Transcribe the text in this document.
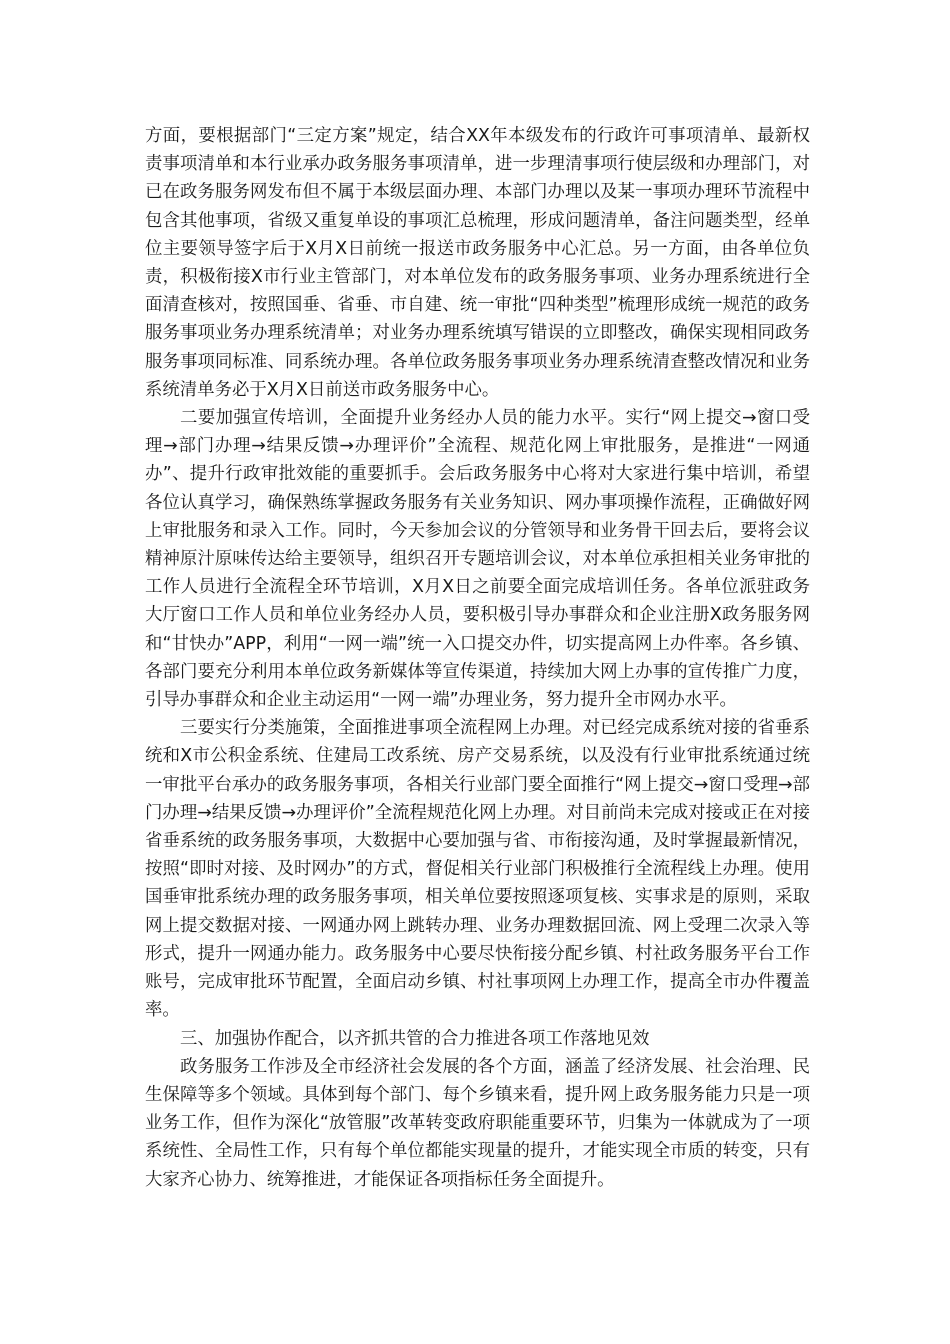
方面，要根据部门“三定方案”规定，结合XX年本级发布的行政许可事项清单、最新权责事项清单和本行业承办政务服务事项清单，进一步理清事项行使层级和办理部门，对已在政务服务网发布但不属于本级层面办理、本部门办理以及某一事项办理环节流程中包含其他事项，省级又重复单设的事项汇总梳理，形成问题清单，备注问题类型，经单位主要领导签字后于X月X日前统一报送市政务服务中心汇总。另一方面，由各单位负责，积极衔接X市行业主管部门，对本单位发布的政务服务事项、业务办理系统进行全面清查核对，按照国垂、省垂、市自建、统一审批“四种类型”梳理形成统一规范的政务服务事项业务办理系统清单；对业务办理系统填写错误的立即整改，确保实现相同政务服务事项同标准、同系统办理。各单位政务服务事项业务办理系统清查整改情况和业务系统清单务必于X月X日前送市政务服务中心。

二要加强宣传培训，全面提升业务经办人员的能力水平。实行“网上提交→窗口受理→部门办理→结果反馈→办理评价”全流程、规范化网上审批服务，是推进“一网通办”、提升行政审批效能的重要抓手。会后政务服务中心将对大家进行集中培训，希望各位认真学习，确保熟练掌握政务服务有关业务知识、网办事项操作流程，正确做好网上审批服务和录入工作。同时，今天参加会议的分管领导和业务骨干回去后，要将会议精神原汁原味传达给主要领导，组织召开专题培训会议，对本单位承担相关业务审批的工作人员进行全流程全环节培训，X月X日之前要全面完成培训任务。各单位派驻政务大厅窗口工作人员和单位业务经办人员，要积极引导办事群众和企业注册X政务服务网和“甘快办”APP，利用“一网一端”统一入口提交办件，切实提高网上办件率。各乡镇、各部门要充分利用本单位政务新媒体等宣传渠道，持续加大网上办事的宣传推广力度，引导办事群众和企业主动运用“一网一端”办理业务，努力提升全市网办水平。

三要实行分类施策，全面推进事项全流程网上办理。对已经完成系统对接的省垂系统和X市公积金系统、住建局工改系统、房产交易系统，以及没有行业审批系统通过统一审批平台承办的政务服务事项，各相关行业部门要全面推行“网上提交→窗口受理→部门办理→结果反馈→办理评价”全流程规范化网上办理。对目前尚未完成对接或正在对接省垂系统的政务服务事项，大数据中心要加强与省、市衔接沟通，及时掌握最新情况，按照“即时对接、及时网办”的方式，督促相关行业部门积极推行全流程线上办理。使用国垂审批系统办理的政务服务事项，相关单位要按照逐项复核、实事求是的原则，采取网上提交数据对接、一网通办网上跳转办理、业务办理数据回流、网上受理二次录入等形式，提升一网通办能力。政务服务中心要尽快衔接分配乡镇、村社政务服务平台工作账号，完成审批环节配置，全面启动乡镇、村社事项网上办理工作，提高全市办件覆盖率。

三、加强协作配合，以齐抓共管的合力推进各项工作落地见效

政务服务工作涉及全市经济社会发展的各个方面，涵盖了经济发展、社会治理、民生保障等多个领域。具体到每个部门、每个乡镇来看，提升网上政务服务能力只是一项业务工作，但作为深化“放管服”改革转变政府职能重要环节，归集为一体就成为了一项系统性、全局性工作，只有每个单位都能实现量的提升，才能实现全市质的转变，只有大家齐心协力、统筹推进，才能保证各项指标任务全面提升。
